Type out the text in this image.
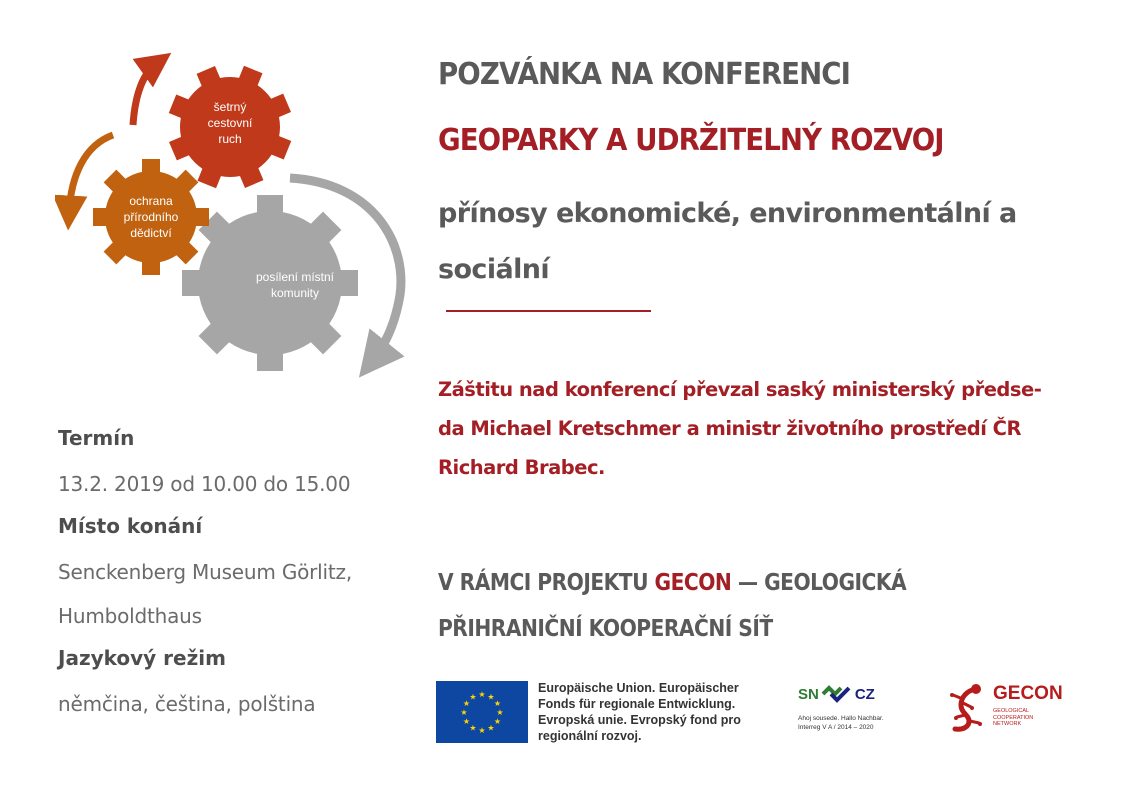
šetrný
cestovní
ruch
ochrana
přírodního
dědictví
posílení místní
komunity
POZVÁNKA NA KONFERENCI
GEOPARKY A UDRŽITELNÝ ROZVOJ
přínosy ekonomické, environmentální a
sociální
Záštitu nad konferencí převzal saský ministerský předse-
da Michael Kretschmer a ministr životního prostředí ČR
Richard Brabec.
V RÁMCI PROJEKTU GECON — GEOLOGICKÁ
PŘIHRANIČNÍ KOOPERAČNÍ SÍŤ
Termín
13.2. 2019 od 10.00 do 15.00
Místo konání
Senckenberg Museum Görlitz,
Humboldthaus
Jazykový režim
němčina, čeština, polština	★ ★
★
★
★
★
★
★
★
★
★
★
Europäische Union. Europäischer
Fonds für regionale Entwicklung.
Evropská unie. Evropský fond pro
regionální rozvoj.
SN CZ
Ahoj sousede. Hallo Nachbar.
Interreg V A / 2014 – 2020
GECON
GEOLOGICAL
COOPERATION
NETWORK
